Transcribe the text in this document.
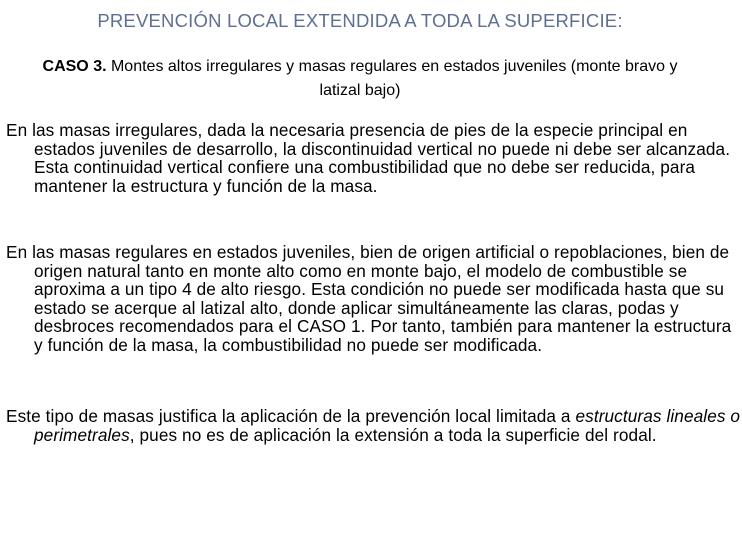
PREVENCIÓN LOCAL EXTENDIDA A TODA LA SUPERFICIE:
CASO 3. Montes altos irregulares y masas regulares en estados juveniles (monte bravo y latizal bajo)
En las masas irregulares, dada la necesaria presencia de pies de la especie principal en estados juveniles de desarrollo, la discontinuidad vertical no puede ni debe ser alcanzada. Esta continuidad vertical confiere una combustibilidad que no debe ser reducida, para mantener la estructura y función de la masa.
En las masas regulares en estados juveniles, bien de origen artificial o repoblaciones, bien de origen natural tanto en monte alto como en monte bajo, el modelo de combustible se aproxima a un tipo 4 de alto riesgo. Esta condición no puede ser modificada hasta que su estado se acerque al latizal alto, donde aplicar simultáneamente las claras, podas y desbroces recomendados para el CASO 1. Por tanto, también para mantener la estructura y función de la masa, la combustibilidad no puede ser modificada.
Este tipo de masas justifica la aplicación de la prevención local limitada a estructuras lineales o perimetrales, pues no es de aplicación la extensión a toda la superficie del rodal.
